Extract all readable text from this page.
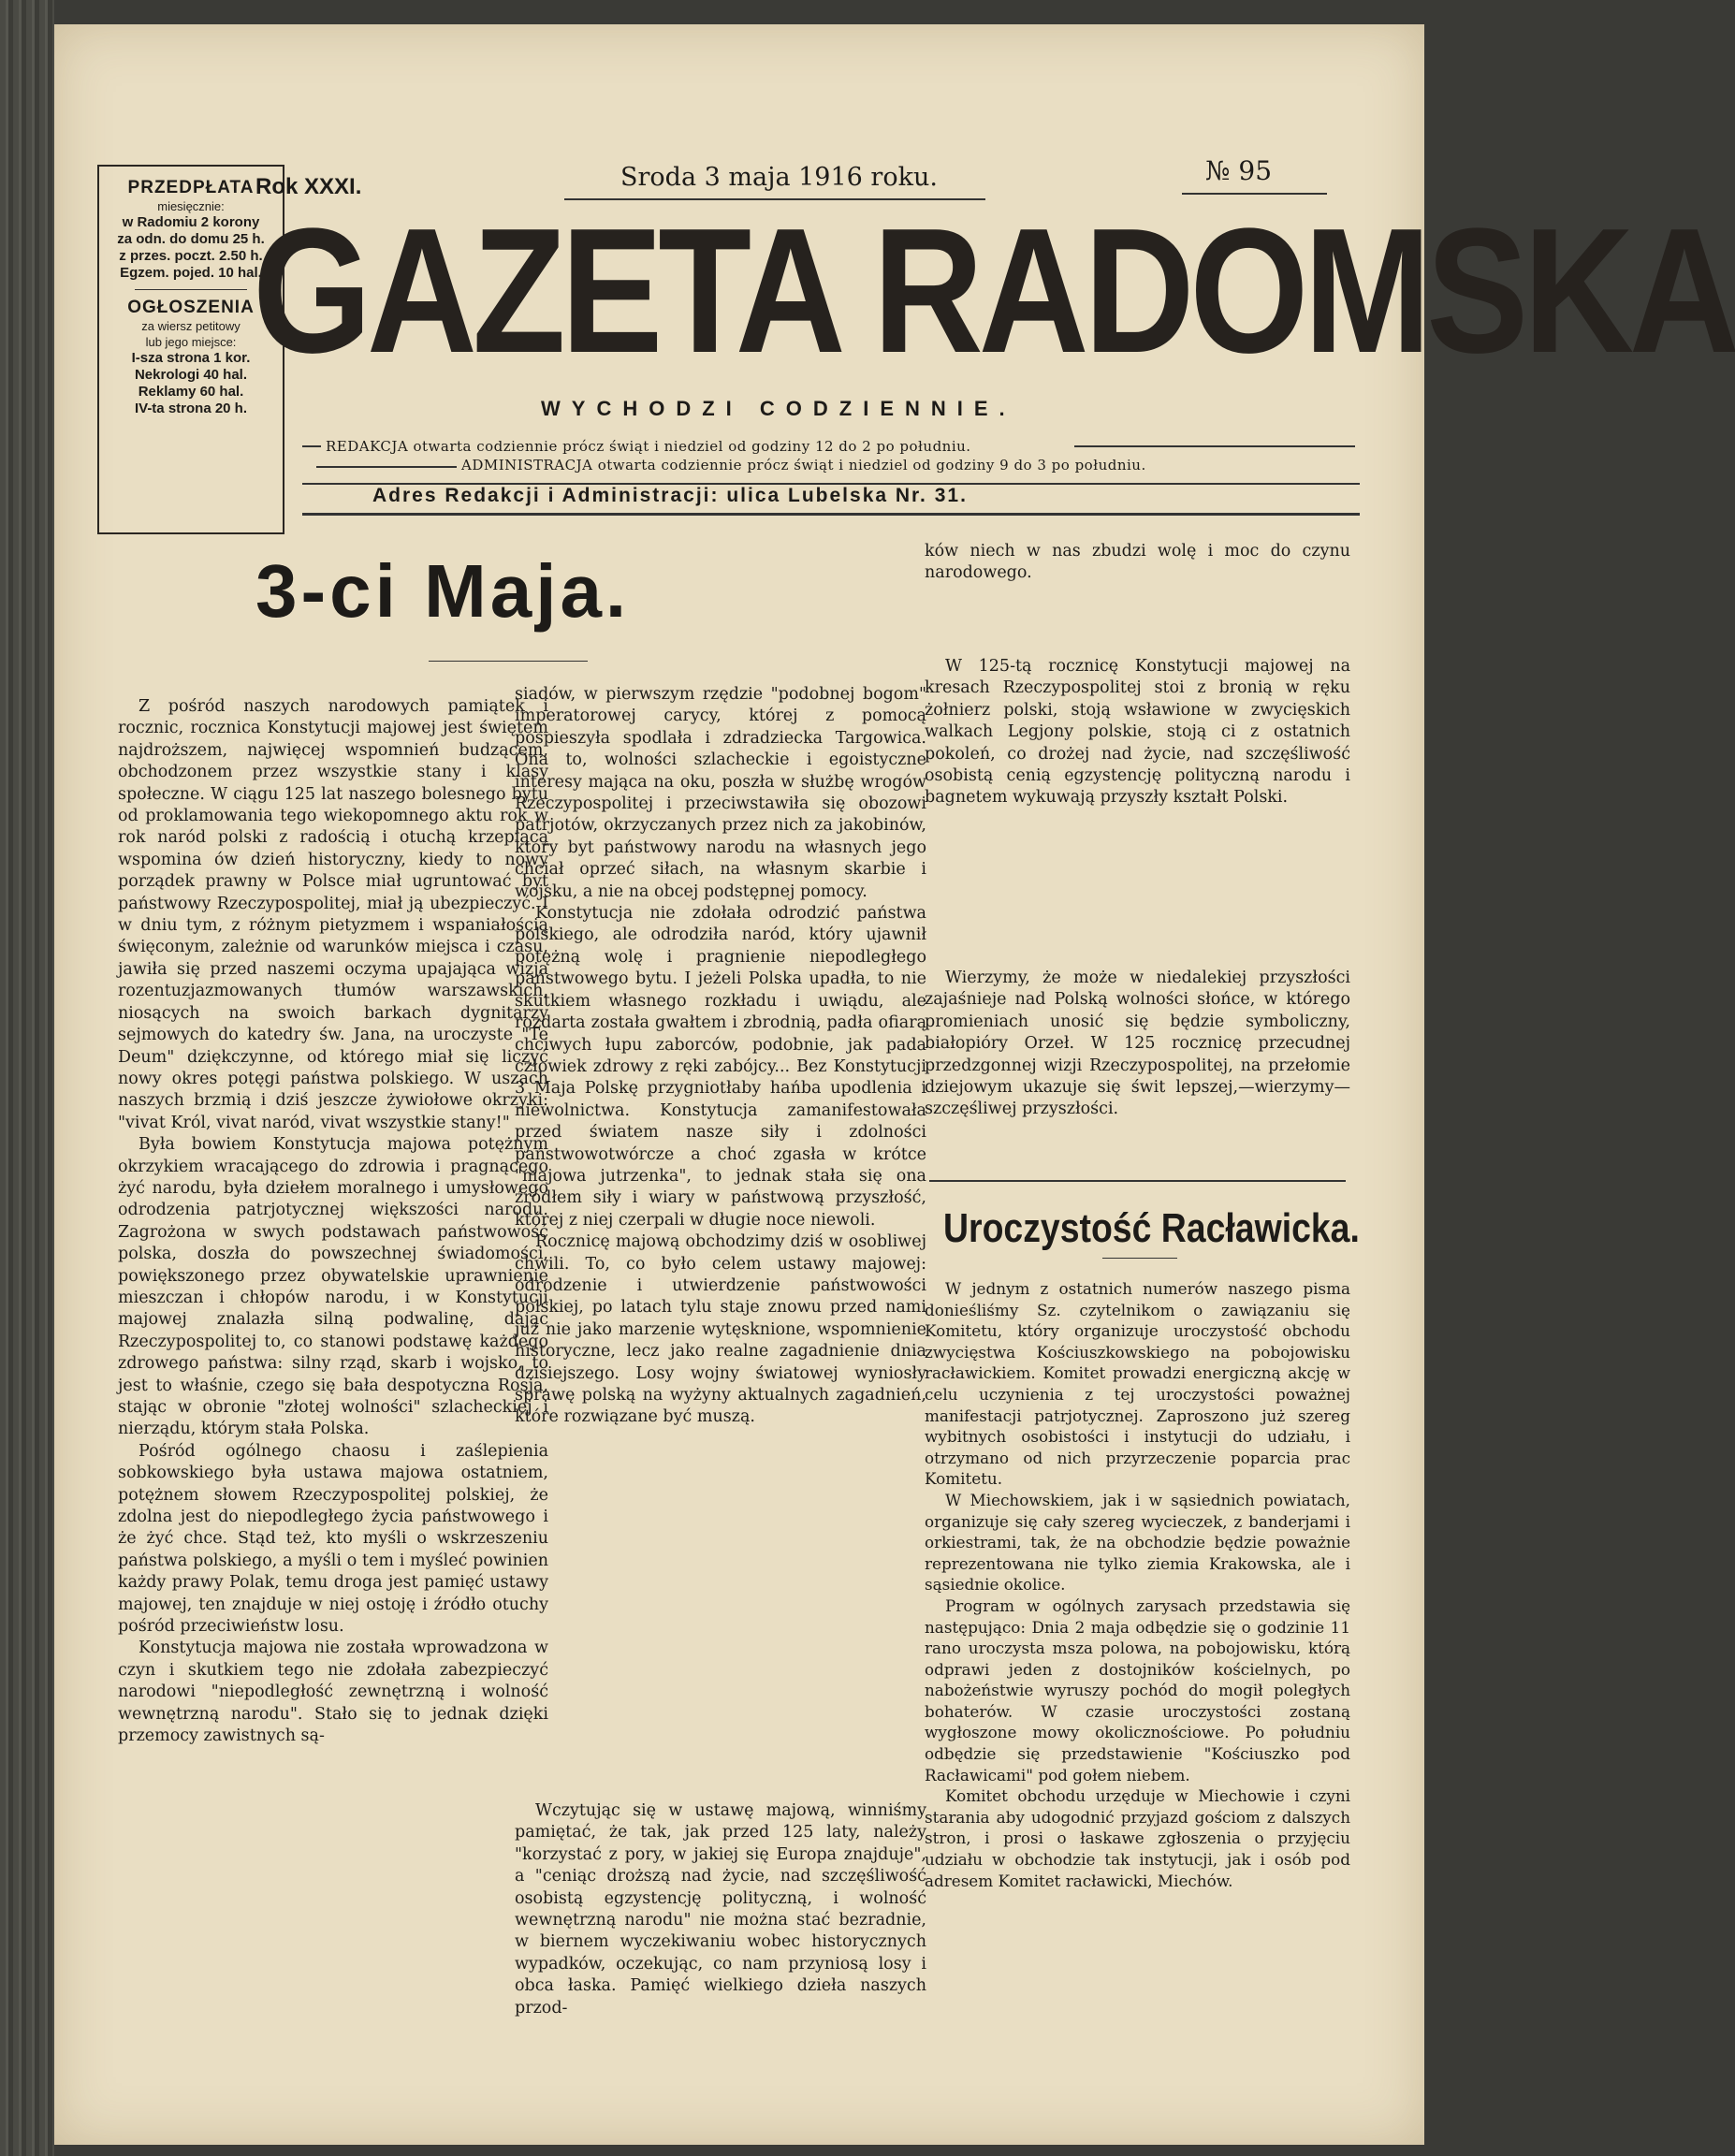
PRZEDPŁATA
miesięcznie:
w Radomiu 2 korony
za odn. do domu 25 h.
z przes. poczt. 2.50 h.
Egzem. pojed. 10 hal.
OGŁOSZENIA
za wiersz petitowy
lub jego miejsce:
I-sza strona 1 kor.
Nekrologi 40 hal.
Reklamy 60 hal.
IV-ta strona 20 h.
Rok XXXI.	Sroda 3 maja 1916 roku.	№ 95
GAZETA RADOMSKA
WYCHODZI CODZIENNIE.
REDAKCJA otwarta codziennie prócz świąt i niedziel od godziny 12 do 2 po południu.
ADMINISTRACJA otwarta codziennie prócz świąt i niedziel od godziny 9 do 3 po południu.
Adres Redakcji i Administracji: ulica Lubelska Nr. 31.
3-ci Maja.

Z pośród naszych narodowych pamiątek i rocznic, rocznica Konstytucji majowej jest świętem najdroższem, najwięcej wspomnień budzącem, obchodzonem przez wszystkie stany i klasy społeczne. W ciągu 125 lat naszego bolesnego bytu od proklamowania tego wiekopomnego aktu rok w rok naród polski z radością i otuchą krzepiącą wspomina ów dzień historyczny, kiedy to nowy porządek prawny w Polsce miał ugruntować byt państwowy Rzeczypospolitej, miał ją ubezpieczyć. I w dniu tym, z różnym pietyzmem i wspaniałością święconym, zależnie od warunków miejsca i czasu, jawiła się przed naszemi oczyma upajająca wizja rozentuzjazmowanych tłumów warszawskich, niosących na swoich barkach dygnitarzy sejmowych do katedry św. Jana, na uroczyste "Te Deum" dziękczynne, od którego miał się liczyć nowy okres potęgi państwa polskiego. W uszach naszych brzmią i dziś jeszcze żywiołowe okrzyki: "vivat Król, vivat naród, vivat wszystkie stany!"

Była bowiem Konstytucja majowa potężnym okrzykiem wracającego do zdrowia i pragnącego żyć narodu, była dziełem moralnego i umysłowego odrodzenia patrjotycznej większości narodu. Zagrożona w swych podstawach państwowość polska, doszła do powszechnej świadomości, powiększonego przez obywatelskie uprawnienie mieszczan i chłopów narodu, i w Konstytucji majowej znalazła silną podwalinę, dając Rzeczypospolitej to, co stanowi podstawę każdego zdrowego państwa: silny rząd, skarb i wojsko, to jest to właśnie, czego się bała despotyczna Rosja, stając w obronie "złotej wolności" szlacheckiej i nierządu, którym stała Polska.

Pośród ogólnego chaosu i zaślepienia sobkowskiego była ustawa majowa ostatniem, potężnem słowem Rzeczypospolitej polskiej, że zdolna jest do niepodległego życia państwowego i że żyć chce. Stąd też, kto myśli o wskrzeszeniu państwa polskiego, a myśli o tem i myśleć powinien każdy prawy Polak, temu droga jest pamięć ustawy majowej, ten znajduje w niej ostoję i źródło otuchy pośród przeciwieństw losu.

Konstytucja majowa nie została wprowadzona w czyn i skutkiem tego nie zdołała zabezpieczyć narodowi "niepodległość zewnętrzną i wolność wewnętrzną narodu". Stało się to jednak dzięki przemocy zawistnych są-

siadów, w pierwszym rzędzie "podobnej bogom" imperatorowej carycy, której z pomocą pospieszyła spodlała i zdradziecka Targowica. Ona to, wolności szlacheckie i egoistyczne interesy mająca na oku, poszła w służbę wrogów Rzeczypospolitej i przeciwstawiła się obozowi patrjotów, okrzyczanych przez nich za jakobinów, który byt państwowy narodu na własnych jego chciał oprzeć siłach, na własnym skarbie i wojsku, a nie na obcej podstępnej pomocy.

Konstytucja nie zdołała odrodzić państwa polskiego, ale odrodziła naród, który ujawnił potężną wolę i pragnienie niepodległego państwowego bytu. I jeżeli Polska upadła, to nie skutkiem własnego rozkładu i uwiądu, ale rozdarta została gwałtem i zbrodnią, padła ofiarą chciwych łupu zaborców, podobnie, jak pada człowiek zdrowy z ręki zabójcy... Bez Konstytucji 3 Maja Polskę przygniotłaby hańba upodlenia i niewolnictwa. Konstytucja zamanifestowała przed światem nasze siły i zdolności państwowotwórcze a choć zgasła w krótce "majowa jutrzenka", to jednak stała się ona źródłem siły i wiary w państwową przyszłość, której z niej czerpali w długie noce niewoli.

Rocznicę majową obchodzimy dziś w osobliwej chwili. To, co było celem ustawy majowej: odrodzenie i utwierdzenie państwowości polskiej, po latach tylu staje znowu przed nami już nie jako marzenie wytęsknione, wspomnienie historyczne, lecz jako realne zagadnienie dnia dzisiejszego. Losy wojny światowej wyniosły sprawę polską na wyżyny aktualnych zagadnień, które rozwiązane być muszą.

Wczytując się w ustawę majową, winniśmy pamiętać, że tak, jak przed 125 laty, należy "korzystać z pory, w jakiej się Europa znajduje", a "ceniąc droższą nad życie, nad szczęśliwość osobistą egzystencję polityczną, i wolność wewnętrzną narodu" nie można stać bezradnie, w biernem wyczekiwaniu wobec historycznych wypadków, oczekując, co nam przyniosą losy i obca łaska. Pamięć wielkiego dzieła naszych przod-

ków niech w nas zbudzi wolę i moc do czynu narodowego.

W 125-tą rocznicę Konstytucji majowej na kresach Rzeczypospolitej stoi z bronią w ręku żołnierz polski, stoją wsławione w zwycięskich walkach Legjony polskie, stoją ci z ostatnich pokoleń, co drożej nad życie, nad szczęśliwość osobistą cenią egzystencję polityczną narodu i bagnetem wykuwają przyszły kształt Polski.

Wierzymy, że może w niedalekiej przyszłości zajaśnieje nad Polską wolności słońce, w którego promieniach unosić się będzie symboliczny, białopióry Orzeł. W 125 rocznicę przecudnej przedzgonnej wizji Rzeczypospolitej, na przełomie dziejowym ukazuje się świt lepszej,—wierzymy—szczęśliwej przyszłości.

Uroczystość Racławicka.

W jednym z ostatnich numerów naszego pisma donieśliśmy Sz. czytelnikom o zawiązaniu się Komitetu, który organizuje uroczystość obchodu zwycięstwa Kościuszkowskiego na pobojowisku racławickiem. Komitet prowadzi energiczną akcję w celu uczynienia z tej uroczystości poważnej manifestacji patrjotycznej. Zaproszono już szereg wybitnych osobistości i instytucji do udziału, i otrzymano od nich przyrzeczenie poparcia prac Komitetu.

W Miechowskiem, jak i w sąsiednich powiatach, organizuje się cały szereg wycieczek, z banderjami i orkiestrami, tak, że na obchodzie będzie poważnie reprezentowana nie tylko ziemia Krakowska, ale i sąsiednie okolice.

Program w ogólnych zarysach przedstawia się następująco: Dnia 2 maja odbędzie się o godzinie 11 rano uroczysta msza polowa, na pobojowisku, którą odprawi jeden z dostojników kościelnych, po nabożeństwie wyruszy pochód do mogił poległych bohaterów. W czasie uroczystości zostaną wygłoszone mowy okolicznościowe. Po południu odbędzie się przedstawienie "Kościuszko pod Racławicami" pod gołem niebem.

Komitet obchodu urzęduje w Miechowie i czyni starania aby udogodnić przyjazd gościom z dalszych stron, i prosi o łaskawe zgłoszenia o przyjęciu udziału w obchodzie tak instytucji, jak i osób pod adresem Komitet racławicki, Miechów.
